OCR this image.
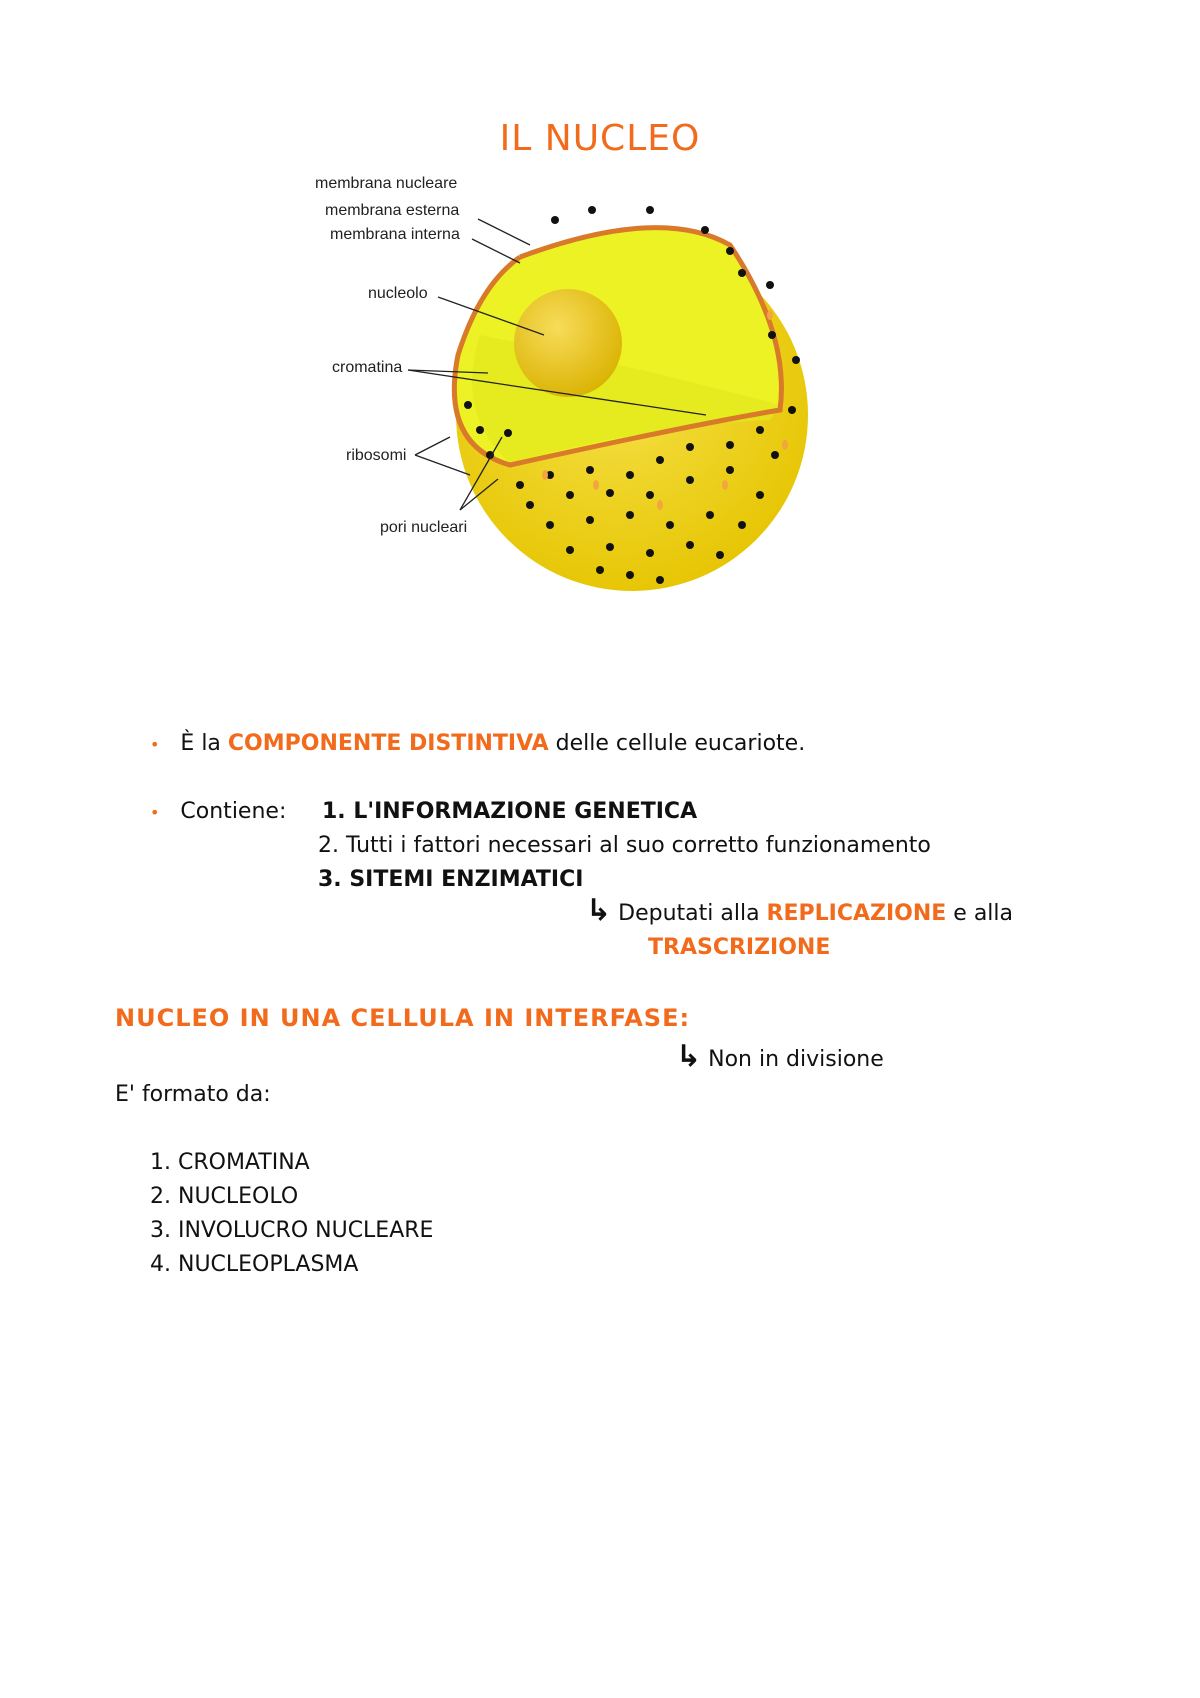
IL NUCLEO
membrana nucleare
membrana esterna
membrana interna
nucleolo
cromatina
ribosomi
pori nucleari
• È la COMPONENTE DISTINTIVA delle cellule eucariote.
• Contiene: 1. L'INFORMAZIONE GENETICA
2. Tutti i fattori necessari al suo corretto funzionamento
3. SITEMI ENZIMATICI
↳ Deputati alla REPLICAZIONE e alla
TRASCRIZIONE
NUCLEO IN UNA CELLULA IN INTERFASE:
↳ Non in divisione
E' formato da:
1. CROMATINA
2. NUCLEOLO
3. INVOLUCRO NUCLEARE
4. NUCLEOPLASMA
